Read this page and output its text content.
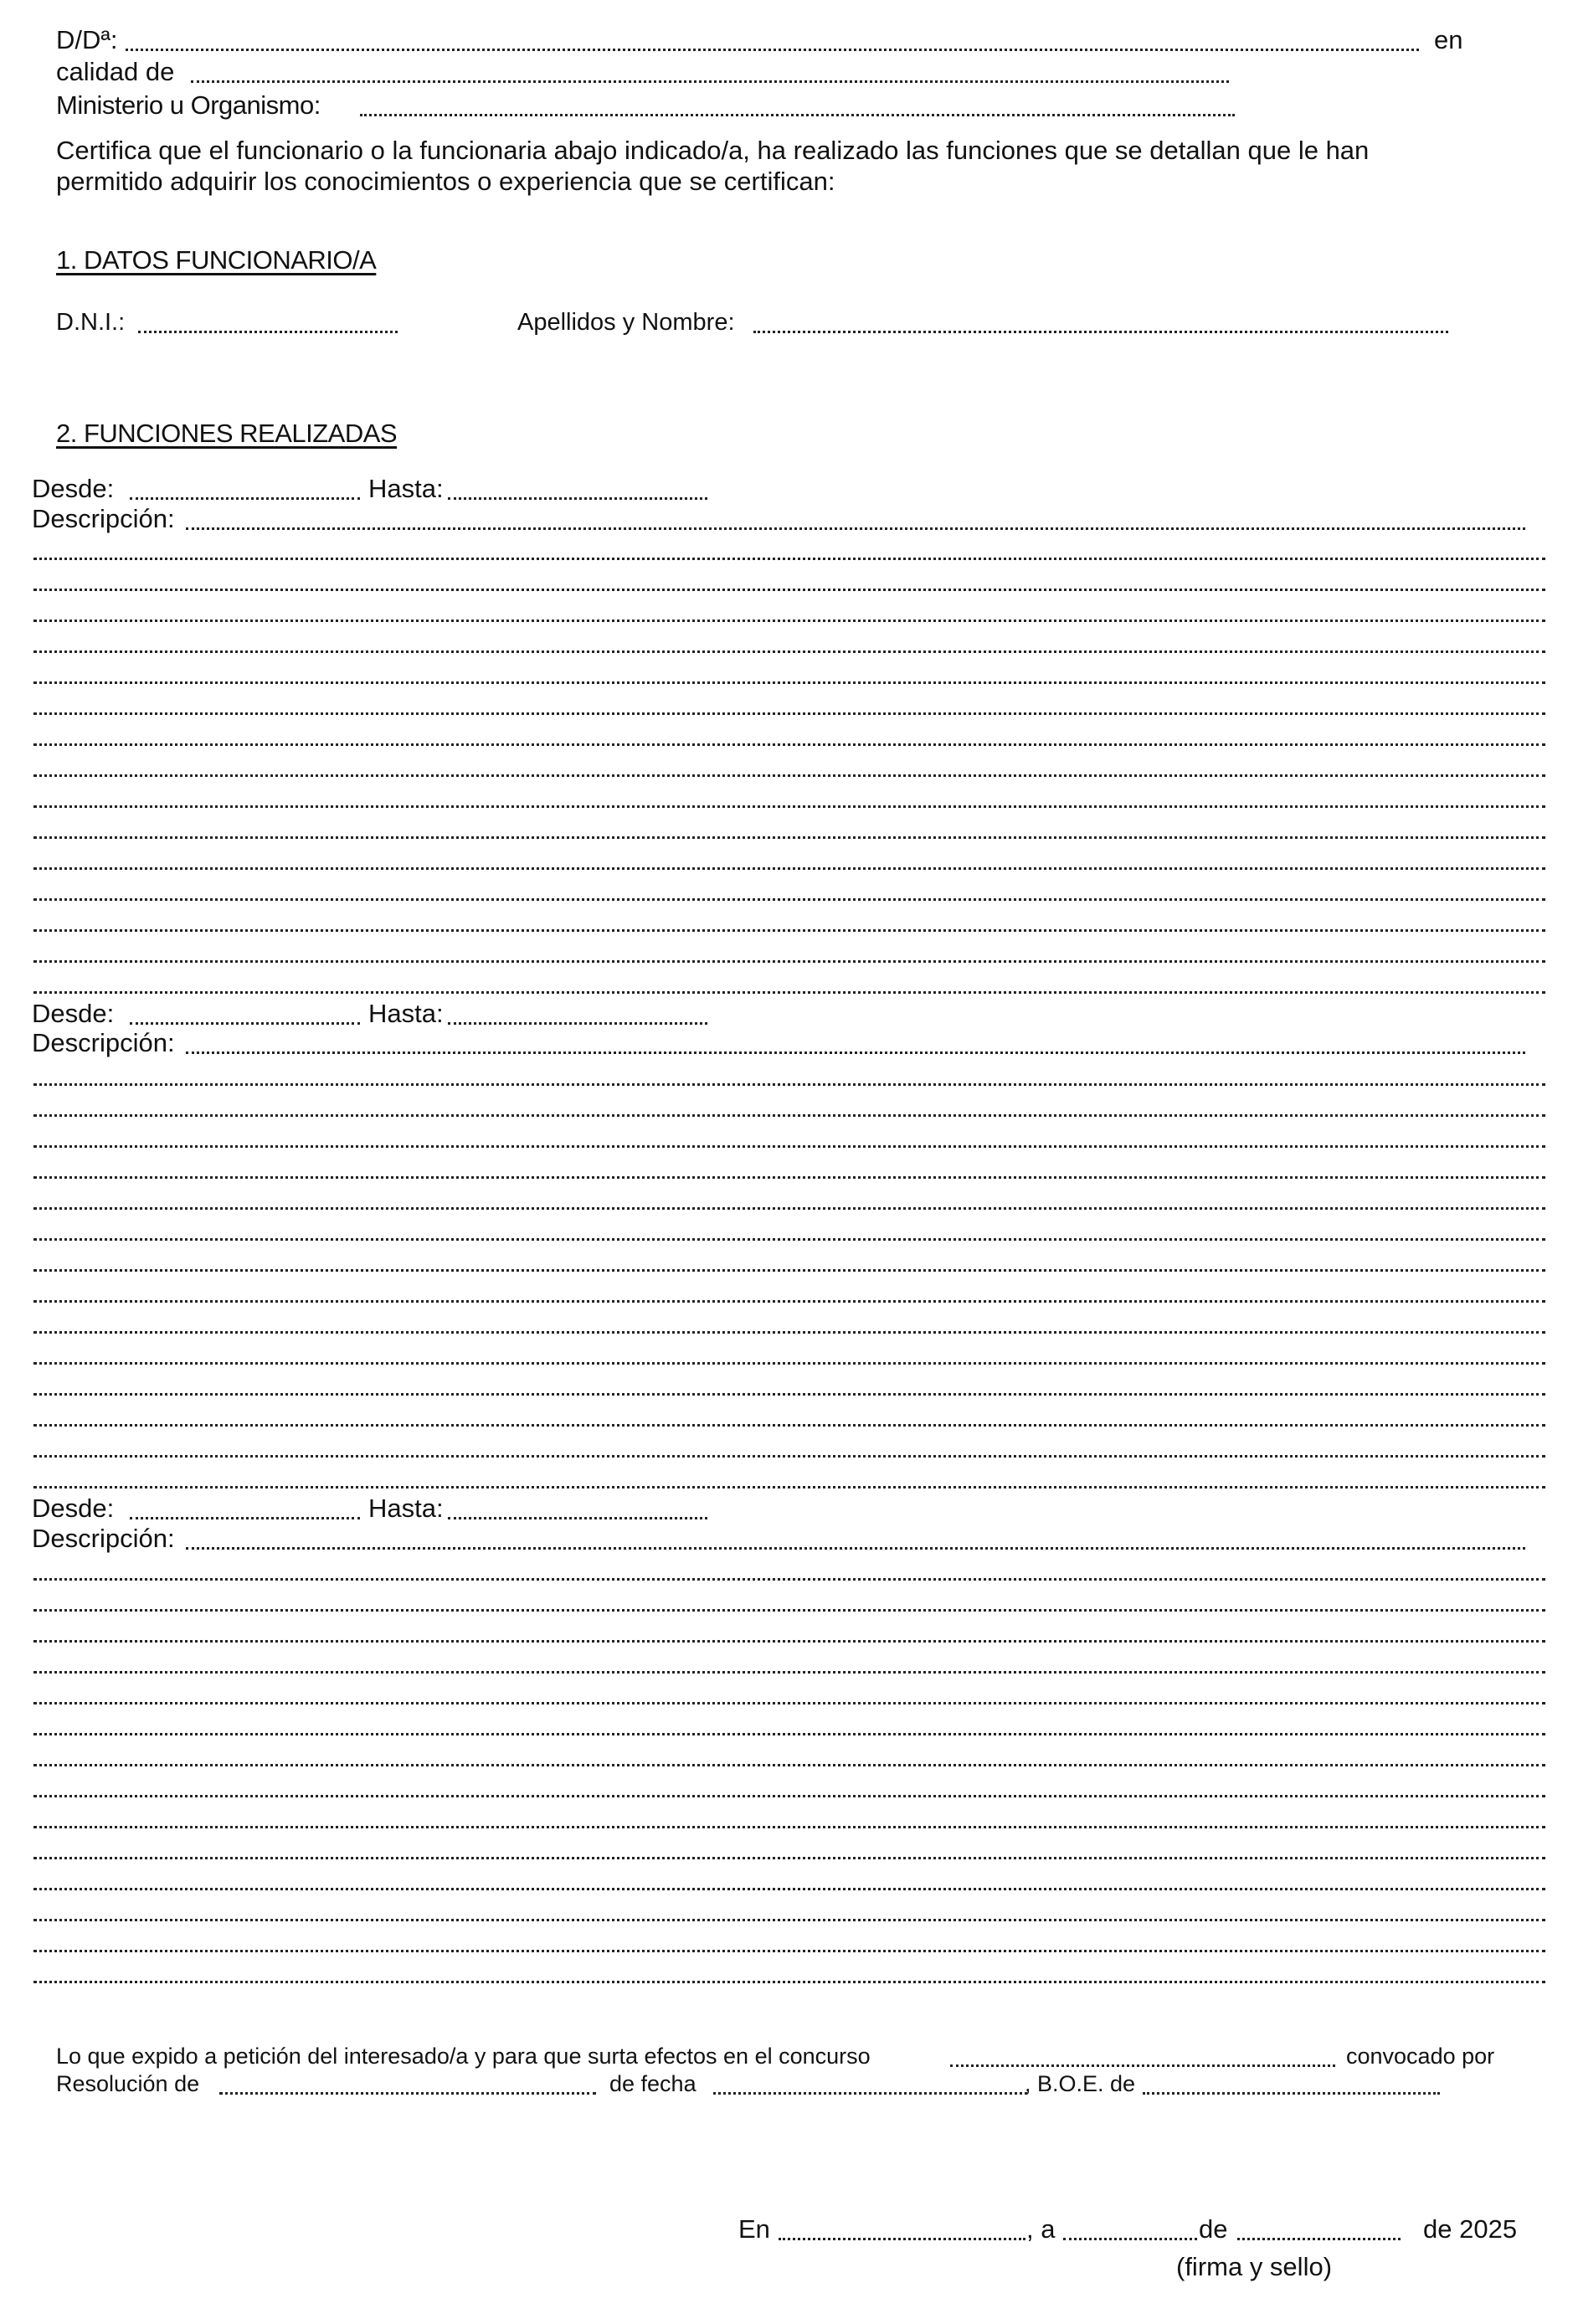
D/Dª:	en
calidad de
Ministerio u Organismo:
Certifica que el funcionario o la funcionaria abajo indicado/a, ha realizado las funciones que se detallan que le han
permitido adquirir los conocimientos o experiencia que se certifican:
1. DATOS FUNCIONARIO/A
D.N.I.:	Apellidos y Nombre:
2. FUNCIONES REALIZADAS
Desde:	Hasta:
Descripción:
Desde:	Hasta:
Descripción:
Desde:	Hasta:
Descripción:
Lo que expido a petición del interesado/a y para que surta efectos en el concurso	convocado por
Resolución de	de fecha	, B.O.E. de
En	, a	de	de 2025
(firma y sello)
